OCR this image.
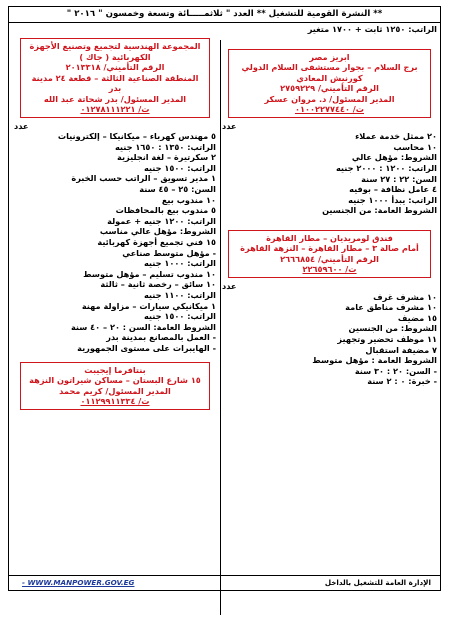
** النشرة القومية للتشغيل ** العدد " ثلاثمـــــائة وتسعة وخمسون " ٢٠١٦ "
الراتب: ١٢٥٠ ثابت + ١٧٠٠ متغير
ابريز مصر
برج السلام – بجوار مستشفى السلام الدولي كورنيش المعادي
الرقم التأميني/ ٢٧٥٩٢٢٩
المدير المسئول/ د. مروان عسكر
ت/ ٠١٠٠٢٢٧٧٤٤٠
عدد
٢٠ ممثل خدمة عملاء
١٠ محاسب
الشروط: مؤهل عالي
الراتب: ١٢٠٠ : ٢٠٠٠ جنيه
السن: ٢٢ : ٢٧ سنة
٤ عامل نظافة – بوفيه
الراتب: يبدأ ١٠٠٠ جنيه
الشروط العامة: من الجنسين
فندق لومريديان – مطار القاهرة
أمام صالة ٣ – مطار القاهرة – النزهة القاهرة
الرقم التأميني/ ٢٦٦٦٨٥٤
ت/ ٢٢٦٥٩٦٠٠
عدد
١٠ مشرف غرف
١٠ مشرف مناطق عامة
١٥ مضيف
الشروط: من الجنسين
١١ موظف تحضير وتجهيز
٧ مضيفة استقبال
الشروط العامة : مؤهل متوسط
- السن: ٢٠ : ٣٠ سنة
- خبرة: ٠ : ٢ سنة
المجموعة الهندسية لتجميع وتصنيع الأجهزة الكهربائية ( جاك )
الرقم التأميني/ ٢٠١٣٣١٨
المنطقة الصناعية الثالثة – قطعة ٢٤ مدينة بدر
المدير المسئول/ بدر شحاتة عبد الله
ت/ ٠١٢٧٨١١١٢٢١
عدد
٥ مهندس كهرباء – ميكانيكا – إلكترونيات
الراتب: ١٣٥٠ : ١٦٥٠ جنيه
٢ سكرتيرة – لغة انجليزية
الراتب: ١٥٠٠ جنيه
١ مدير تسويق – الراتب حسب الخبرة
السن: ٢٥ – ٤٥ سنة
١٠ مندوب بيع
٥ مندوب بيع بالمحافظات
الراتب: ١٢٠٠ جنيه + عمولة
الشروط: مؤهل عالي مناسب
١٥ فني تجميع أجهزة كهربائية
- مؤهل متوسط صناعي
الراتب: ١٠٠٠ جنيه
١٠ مندوب تسليم – مؤهل متوسط
١٠ سائق – رخصة ثانية – ثالثة
الراتب: ١١٠٠ جنيه
١ ميكانيكي سيارات – مزاولة مهنة
الراتب: ١٥٠٠ جنيه
الشروط العامة: السن : ٢٠ – ٤٠ سنة
- العمل بالمصانع بمدينة بدر
- الهايبرات على مستوى الجمهورية
بنتافرما إيجيبت
١٥ شارع البستان – مساكن شيراتون النزهة
المدير المسئول/ كريم محمد
ت/ ٠١١٢٩٩١١٣٣٤
- WWW.MANPOWER.GOV.EG	الإدارة العامة للتشغيل بالداخل
